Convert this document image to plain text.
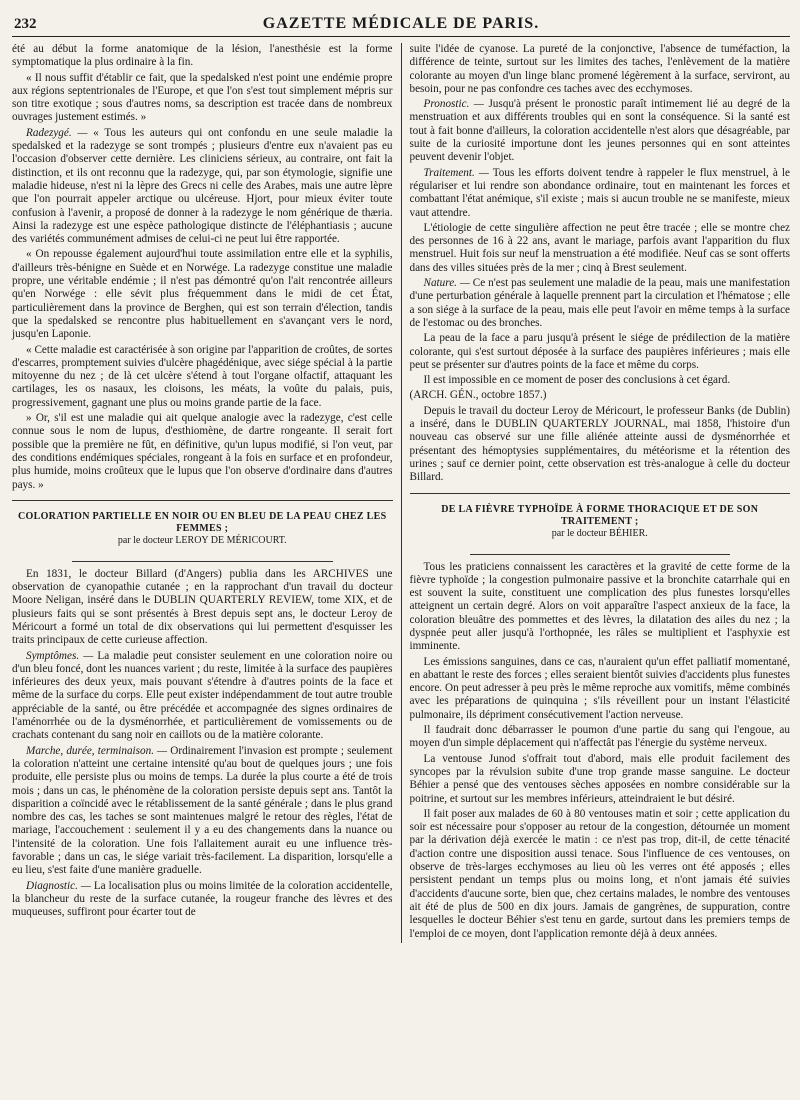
232	GAZETTE MÉDICALE DE PARIS.

été au début la forme anatomique de la lésion, l'anesthésie est la forme symptomatique la plus ordinaire à la fin.

« Il nous suffit d'établir ce fait, que la spedalsked n'est point une endémie propre aux régions septentrionales de l'Europe, et que l'on s'est tout simplement mépris sur son titre exotique ; sous d'autres noms, sa description est tracée dans de nombreux ouvrages justement estimés. »

Radezygé. — « Tous les auteurs qui ont confondu en une seule maladie la spedalsked et la radezyge se sont trompés ; plusieurs d'entre eux n'avaient pas eu l'occasion d'observer cette dernière. Les cliniciens sérieux, au contraire, ont fait la distinction, et ils ont reconnu que la radezyge, qui, par son étymologie, signifie une maladie hideuse, n'est ni la lèpre des Grecs ni celle des Arabes, mais une autre lèpre que l'on pourrait appeler arctique ou ulcéreuse. Hjort, pour mieux éviter toute confusion à l'avenir, a proposé de donner à la radezyge le nom générique de thæria. Ainsi la radezyge est une espèce pathologique distincte de l'éléphantiasis ; aucune des variétés communément admises de celui-ci ne peut lui être rapportée.

« On repousse également aujourd'hui toute assimilation entre elle et la syphilis, d'ailleurs très-bénigne en Suède et en Norwége. La radezyge constitue une maladie propre, une véritable endémie ; il n'est pas démontré qu'on l'ait rencontrée ailleurs qu'en Norwége : elle sévit plus fréquemment dans le midi de cet État, particulièrement dans la province de Berghen, qui est son terrain d'élection, tandis que la spedalsked se rencontre plus habituellement en s'avançant vers le nord, jusqu'en Laponie.

« Cette maladie est caractérisée à son origine par l'apparition de croûtes, de sortes d'escarres, promptement suivies d'ulcère phagédénique, avec siége spécial à la partie mitoyenne du nez ; de là cet ulcère s'étend à tout l'organe olfactif, attaquant les cartilages, les os nasaux, les cloisons, les méats, la voûte du palais, puis, progressivement, gagnant une plus ou moins grande partie de la face.

» Or, s'il est une maladie qui ait quelque analogie avec la radezyge, c'est celle connue sous le nom de lupus, d'esthiomène, de dartre rongeante. Il serait fort possible que la première ne fût, en définitive, qu'un lupus modifié, si l'on veut, par des conditions endémiques spéciales, rongeant à la fois en surface et en profondeur, plus humide, moins croûteux que le lupus que l'on observe d'ordinaire dans d'autres pays. »

COLORATION PARTIELLE EN NOIR OU EN BLEU DE LA PEAU CHEZ LES FEMMES ;
par le docteur LEROY DE MÉRICOURT.

En 1831, le docteur Billard (d'Angers) publia dans les ARCHIVES une observation de cyanopathie cutanée ; en la rapprochant d'un travail du docteur Moore Neligan, inséré dans le DUBLIN QUARTERLY REVIEW, tome XIX, et de plusieurs faits qui se sont présentés à Brest depuis sept ans, le docteur Leroy de Méricourt a formé un total de dix observations qui lui permettent d'esquisser les traits principaux de cette curieuse affection.

Symptômes. — La maladie peut consister seulement en une coloration noire ou d'un bleu foncé, dont les nuances varient ; du reste, limitée à la surface des paupières inférieures des deux yeux, mais pouvant s'étendre à d'autres points de la face et même de la surface du corps. Elle peut exister indépendamment de tout autre trouble appréciable de la santé, ou être précédée et accompagnée des signes ordinaires de l'aménorrhée ou de la dysménorrhée, et particulièrement de vomissements ou de crachats contenant du sang noir en caillots ou de la matière colorante.

Marche, durée, terminaison. — Ordinairement l'invasion est prompte ; seulement la coloration n'atteint une certaine intensité qu'au bout de quelques jours ; une fois produite, elle persiste plus ou moins de temps. La durée la plus courte a été de trois mois ; dans un cas, le phénomène de la coloration persiste depuis sept ans. Tantôt la disparition a coïncidé avec le rétablissement de la santé générale ; dans le plus grand nombre des cas, les taches se sont maintenues malgré le retour des règles, l'état de mariage, l'accouchement : seulement il y a eu des changements dans la nuance ou l'intensité de la coloration. Une fois l'allaitement aurait eu une influence très-favorable ; dans un cas, le siége variait très-facilement. La disparition, lorsqu'elle a eu lieu, s'est faite d'une manière graduelle.

Diagnostic. — La localisation plus ou moins limitée de la coloration accidentelle, la blancheur du reste de la surface cutanée, la rougeur franche des lèvres et des muqueuses, suffiront pour écarter tout de

suite l'idée de cyanose. La pureté de la conjonctive, l'absence de tuméfaction, la différence de teinte, surtout sur les limites des taches, l'enlèvement de la matière colorante au moyen d'un linge blanc promené légèrement à la surface, serviront, au besoin, pour ne pas confondre ces taches avec des ecchymoses.

Pronostic. — Jusqu'à présent le pronostic paraît intimement lié au degré de la menstruation et aux différents troubles qui en sont la conséquence. Si la santé est tout à fait bonne d'ailleurs, la coloration accidentelle n'est alors que désagréable, par suite de la curiosité importune dont les jeunes personnes qui en sont atteintes peuvent devenir l'objet.

Traitement. — Tous les efforts doivent tendre à rappeler le flux menstruel, à le régulariser et lui rendre son abondance ordinaire, tout en maintenant les forces et combattant l'état anémique, s'il existe ; mais si aucun trouble ne se manifeste, mieux vaut attendre.

L'étiologie de cette singulière affection ne peut être tracée ; elle se montre chez des personnes de 16 à 22 ans, avant le mariage, parfois avant l'apparition du flux menstruel. Huit fois sur neuf la menstruation a été modifiée. Neuf cas se sont offerts dans des villes situées près de la mer ; cinq à Brest seulement.

Nature. — Ce n'est pas seulement une maladie de la peau, mais une manifestation d'une perturbation générale à laquelle prennent part la circulation et l'hématose ; elle a son siége à la surface de la peau, mais elle peut l'avoir en même temps à la surface de l'estomac ou des bronches.

La peau de la face a paru jusqu'à présent le siége de prédilection de la matière colorante, qui s'est surtout déposée à la surface des paupières inférieures ; mais elle peut se présenter sur d'autres points de la face et même du corps.

Il est impossible en ce moment de poser des conclusions à cet égard.

(ARCH. GÉN., octobre 1857.)

Depuis le travail du docteur Leroy de Méricourt, le professeur Banks (de Dublin) a inséré, dans le DUBLIN QUARTERLY JOURNAL, mai 1858, l'histoire d'un nouveau cas observé sur une fille aliénée atteinte aussi de dysménorrhée et présentant des hémoptysies supplémentaires, du météorisme et la rétention des urines ; sauf ce dernier point, cette observation est très-analogue à celle du docteur Billard.

DE LA FIÈVRE TYPHOÏDE À FORME THORACIQUE ET DE SON TRAITEMENT ;
par le docteur BÉHIER.

Tous les praticiens connaissent les caractères et la gravité de cette forme de la fièvre typhoïde ; la congestion pulmonaire passive et la bronchite catarrhale qui en est souvent la suite, constituent une complication des plus funestes lorsqu'elles atteignent un certain degré. Alors on voit apparaître l'aspect anxieux de la face, la coloration bleuâtre des pommettes et des lèvres, la dilatation des ailes du nez ; la dyspnée peut aller jusqu'à l'orthopnée, les râles se multiplient et l'asphyxie est imminente.

Les émissions sanguines, dans ce cas, n'auraient qu'un effet palliatif momentané, en abattant le reste des forces ; elles seraient bientôt suivies d'accidents plus funestes encore. On peut adresser à peu près le même reproche aux vomitifs, même combinés avec les préparations de quinquina ; s'ils réveillent pour un instant l'élasticité pulmonaire, ils dépriment consécutivement l'action nerveuse.

Il faudrait donc débarrasser le poumon d'une partie du sang qui l'engoue, au moyen d'un simple déplacement qui n'affectât pas l'énergie du système nerveux.

La ventouse Junod s'offrait tout d'abord, mais elle produit facilement des syncopes par la révulsion subite d'une trop grande masse sanguine. Le docteur Béhier a pensé que des ventouses sèches apposées en nombre considérable sur la poitrine, et surtout sur les membres inférieurs, atteindraient le but désiré.

Il fait poser aux malades de 60 à 80 ventouses matin et soir ; cette application du soir est nécessaire pour s'opposer au retour de la congestion, détournée un moment par la dérivation déjà exercée le matin : ce n'est pas trop, dit-il, de cette ténacité d'action contre une disposition aussi tenace. Sous l'influence de ces ventouses, on observe de très-larges ecchymoses au lieu où les verres ont été apposés ; elles persistent pendant un temps plus ou moins long, et n'ont jamais été suivies d'accidents d'aucune sorte, bien que, chez certains malades, le nombre des ventouses ait été de plus de 500 en dix jours. Jamais de gangrènes, de suppuration, contre lesquelles le docteur Béhier s'est tenu en garde, surtout dans les premiers temps de l'emploi de ce moyen, dont l'application remonte déjà à deux années.
